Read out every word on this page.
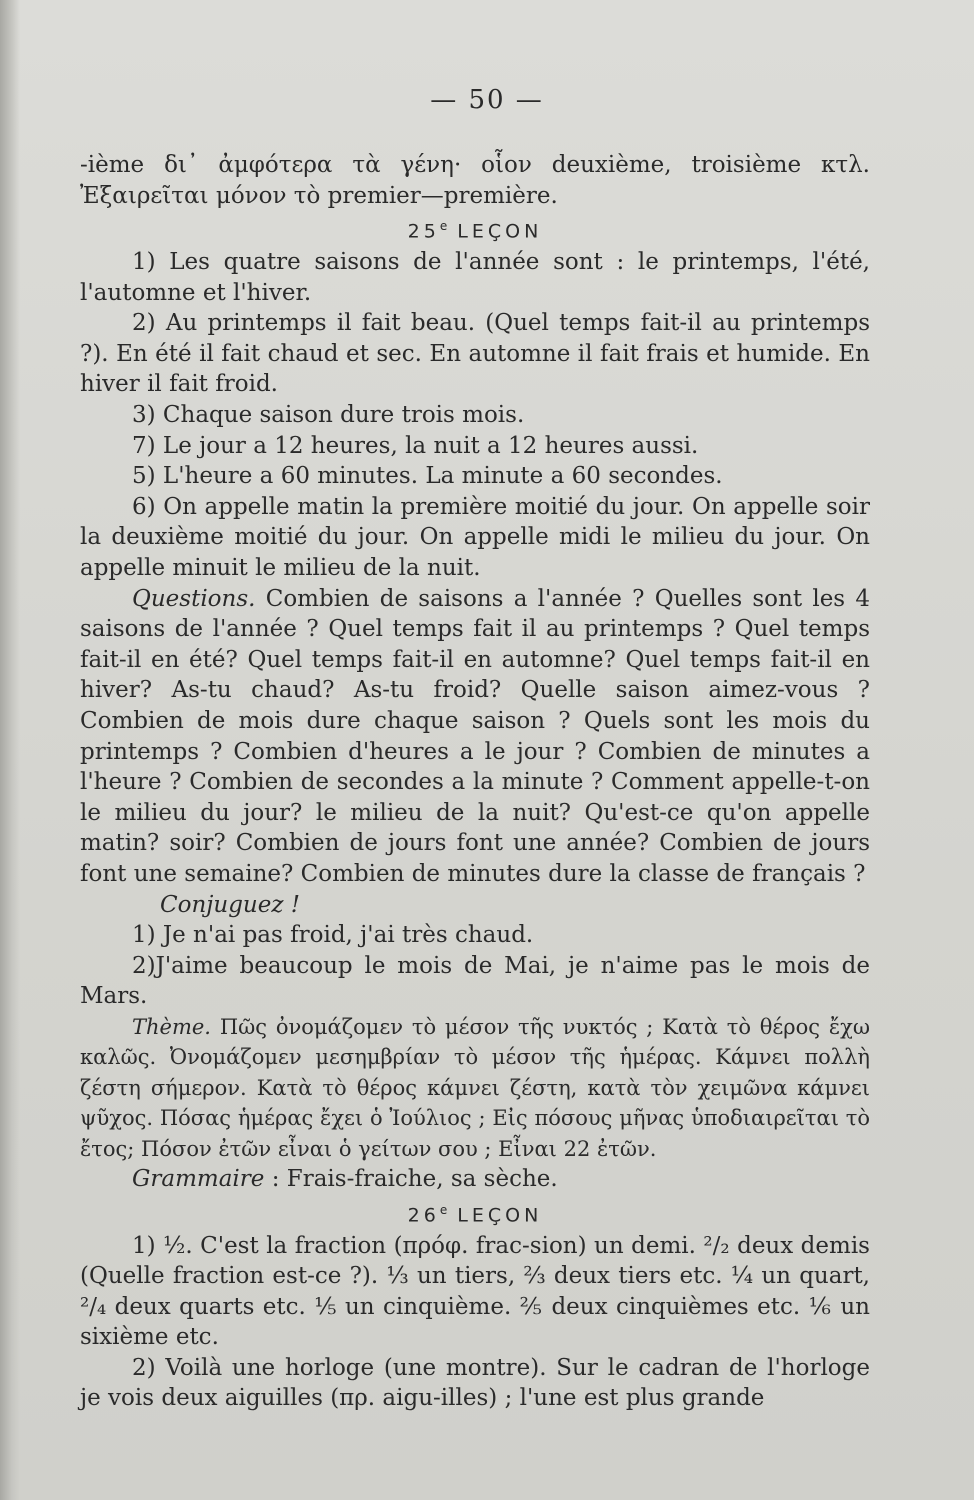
— 50 —

-ième δι᾽ ἀμφότερα τὰ γένη· οἷον deuxième, troisième κτλ. Ἐξαιρεῖται μόνον τὸ premier—première.

25e LEÇON

1) Les quatre saisons de l'année sont : le printemps, l'été, l'automne et l'hiver.

2) Au printemps il fait beau. (Quel temps fait-il au printemps ?). En été il fait chaud et sec. En automne il fait frais et humide. En hiver il fait froid.

3) Chaque saison dure trois mois.

7) Le jour a 12 heures, la nuit a 12 heures aussi.

5) L'heure a 60 minutes. La minute a 60 secondes.

6) On appelle matin la première moitié du jour. On appelle soir la deuxième moitié du jour. On appelle midi le milieu du jour. On appelle minuit le milieu de la nuit.

Questions. Combien de saisons a l'année ? Quelles sont les 4 saisons de l'année ? Quel temps fait il au printemps ? Quel temps fait-il en été? Quel temps fait-il en automne? Quel temps fait-il en hiver? As-tu chaud? As-tu froid? Quelle saison aimez-vous ? Combien de mois dure chaque saison ? Quels sont les mois du printemps ? Combien d'heures a le jour ? Combien de minutes a l'heure ? Combien de secondes a la minute ? Comment appelle-t-on le milieu du jour? le milieu de la nuit? Qu'est-ce qu'on appelle matin? soir? Combien de jours font une année? Combien de jours font une semaine? Combien de minutes dure la classe de français ?

Conjuguez !

1) Je n'ai pas froid, j'ai très chaud.

2)J'aime beaucoup le mois de Mai, je n'aime pas le mois de Mars.

Thème. Πῶς ὀνομάζομεν τὸ μέσον τῆς νυκτός ; Κατὰ τὸ θέρος ἔχω καλῶς. Ὀνομάζομεν μεσημβρίαν τὸ μέσον τῆς ἡμέρας. Κάμνει πολλὴ ζέστη σήμερον. Κατὰ τὸ θέρος κάμνει ζέστη, κατὰ τὸν χειμῶνα κάμνει ψῦχος. Πόσας ἡμέρας ἔχει ὁ Ἰούλιος ; Εἰς πόσους μῆνας ὑποδιαιρεῖται τὸ ἔτος; Πόσον ἐτῶν εἶναι ὁ γείτων σου ; Εἶναι 22 ἐτῶν.

Grammaire : Frais-fraiche, sa sèche.

26e LEÇON

1) ½. C'est la fraction (πρόφ. frac-sion) un demi. ²/₂ deux demis (Quelle fraction est-ce ?). ⅓ un tiers, ⅔ deux tiers etc. ¼ un quart, ²/₄ deux quarts etc. ⅕ un cinquième. ⅖ deux cinquièmes etc. ⅙ un sixième etc.

2) Voilà une horloge (une montre). Sur le cadran de l'horloge je vois deux aiguilles (πρ. aigu-illes) ; l'une est plus grande
